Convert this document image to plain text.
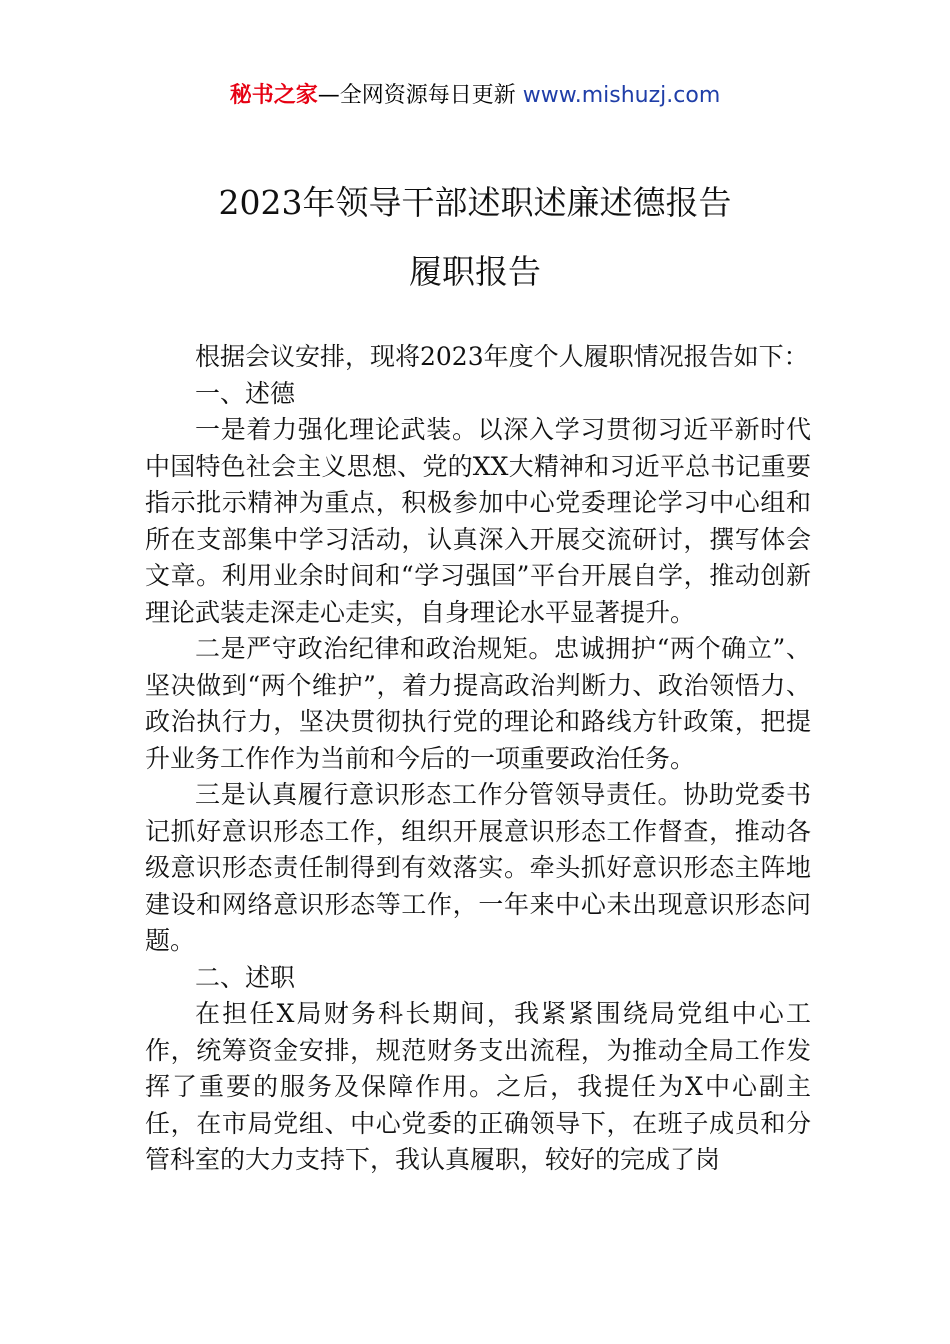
秘书之家—全网资源每日更新 www.mishuzj.com
2023年领导干部述职述廉述德报告
履职报告

根据会议安排，现将2023年度个人履职情况报告如下：

一、述德

一是着力强化理论武装。以深入学习贯彻习近平新时代中国特色社会主义思想、党的XX大精神和习近平总书记重要指示批示精神为重点，积极参加中心党委理论学习中心组和所在支部集中学习活动，认真深入开展交流研讨，撰写体会文章。利用业余时间和“学习强国”平台开展自学，推动创新理论武装走深走心走实，自身理论水平显著提升。

二是严守政治纪律和政治规矩。忠诚拥护“两个确立”、坚决做到“两个维护”，着力提高政治判断力、政治领悟力、政治执行力，坚决贯彻执行党的理论和路线方针政策，把提升业务工作作为当前和今后的一项重要政治任务。

三是认真履行意识形态工作分管领导责任。协助党委书记抓好意识形态工作，组织开展意识形态工作督查，推动各级意识形态责任制得到有效落实。牵头抓好意识形态主阵地建设和网络意识形态等工作，一年来中心未出现意识形态问题。

二、述职

在担任X局财务科长期间，我紧紧围绕局党组中心工作，统筹资金安排，规范财务支出流程，为推动全局工作发挥了重要的服务及保障作用。之后，我提任为X中心副主任，在市局党组、中心党委的正确领导下，在班子成员和分管科室的大力支持下，我认真履职，较好的完成了岗
